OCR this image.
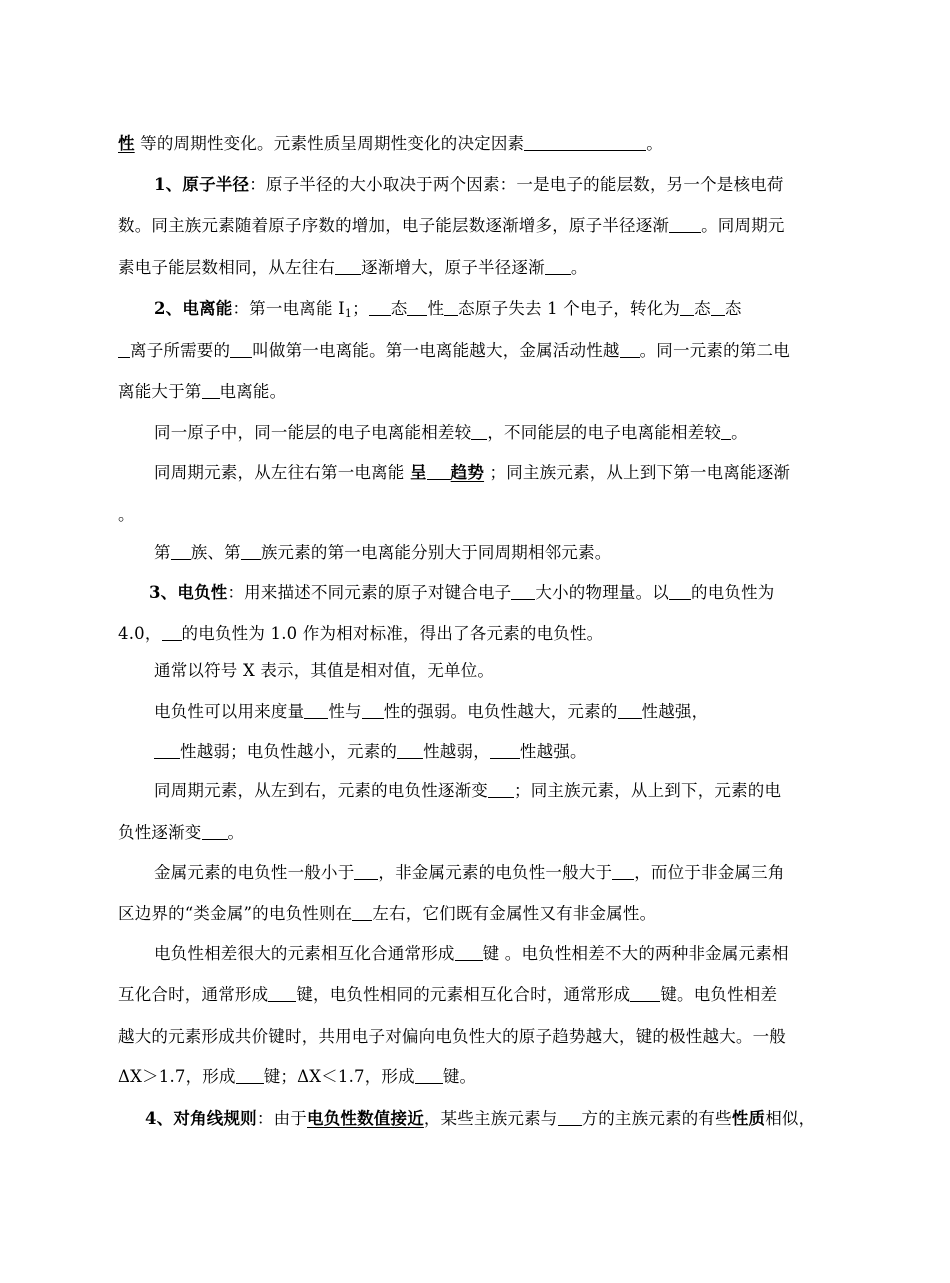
性 等的周期性变化。元素性质呈周期性变化的决定因素	。
1、原子半径：原子半径的大小取决于两个因素：一是电子的能层数，另一个是核电荷
数。同主族元素随着原子序数的增加，电子能层数逐渐增多，原子半径逐渐 。同周期元
素电子能层数相同，从左往右 逐渐增大，原子半径逐渐 。
2、电离能：第一电离能 $I_1$； 态 性 态原子失去 1 个电子，转化为 态 态
离子所需要的 叫做第一电离能。第一电离能越大，金属活动性越 。同一元素的第二电
离能大于第 电离能。
同一原子中，同一能层的电子电离能相差较 ，不同能层的电子电离能相差较 。
同周期元素，从左往右第一电离能 呈 趋势 ；同主族元素，从上到下第一电离能逐渐
。
第 族、第 族元素的第一电离能分别大于同周期相邻元素。
3、电负性：用来描述不同元素的原子对键合电子 大小的物理量。以 的电负性为
4.0， 的电负性为 1.0 作为相对标准，得出了各元素的电负性。
通常以符号 X 表示，其值是相对值，无单位。
电负性可以用来度量 性与 性的强弱。电负性越大，元素的 性越强，
性越弱；电负性越小，元素的 性越弱， 性越强。
同周期元素，从左到右，元素的电负性逐渐变 ；同主族元素，从上到下，元素的电
负性逐渐变 。
金属元素的电负性一般小于 ，非金属元素的电负性一般大于 ，而位于非金属三角
区边界的“类金属”的电负性则在 左右，它们既有金属性又有非金属性。
电负性相差很大的元素相互化合通常形成 键 。电负性相差不大的两种非金属元素相
互化合时，通常形成 键，电负性相同的元素相互化合时，通常形成 键。电负性相差
越大的元素形成共价键时，共用电子对偏向电负性大的原子趋势越大，键的极性越大。一般
ΔX＞1.7，形成 键；ΔX＜1.7，形成 键。
4、对角线规则：由于电负性数值接近，某些主族元素与 方的主族元素的有些性质相似，
